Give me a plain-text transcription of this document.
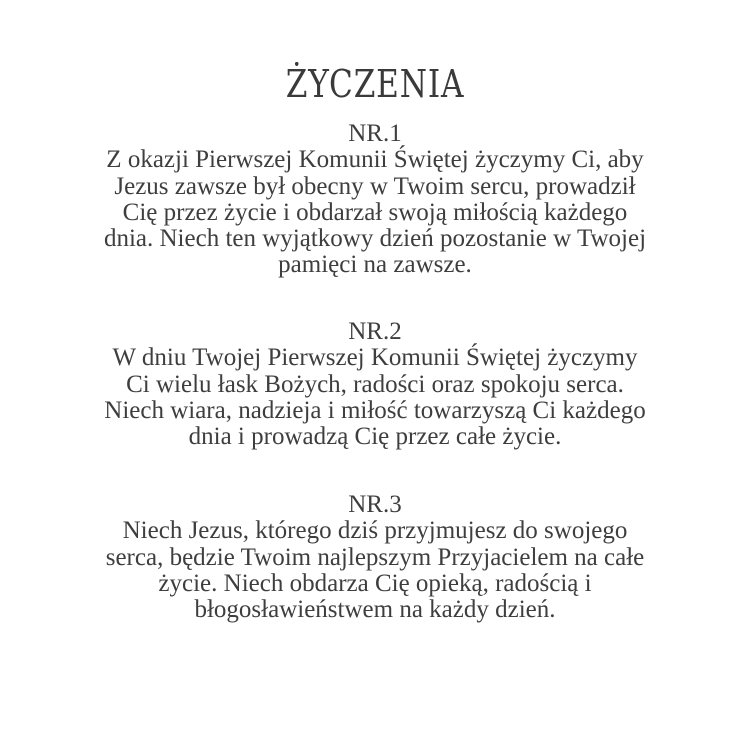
ŻYCZENIA
NR.1
Z okazji Pierwszej Komunii Świętej życzymy Ci, aby
Jezus zawsze był obecny w Twoim sercu, prowadził
Cię przez życie i obdarzał swoją miłością każdego
dnia. Niech ten wyjątkowy dzień pozostanie w Twojej
pamięci na zawsze.
NR.2
W dniu Twojej Pierwszej Komunii Świętej życzymy
Ci wielu łask Bożych, radości oraz spokoju serca.
Niech wiara, nadzieja i miłość towarzyszą Ci każdego
dnia i prowadzą Cię przez całe życie.
NR.3
Niech Jezus, którego dziś przyjmujesz do swojego
serca, będzie Twoim najlepszym Przyjacielem na całe
życie. Niech obdarza Cię opieką, radością i
błogosławieństwem na każdy dzień.
